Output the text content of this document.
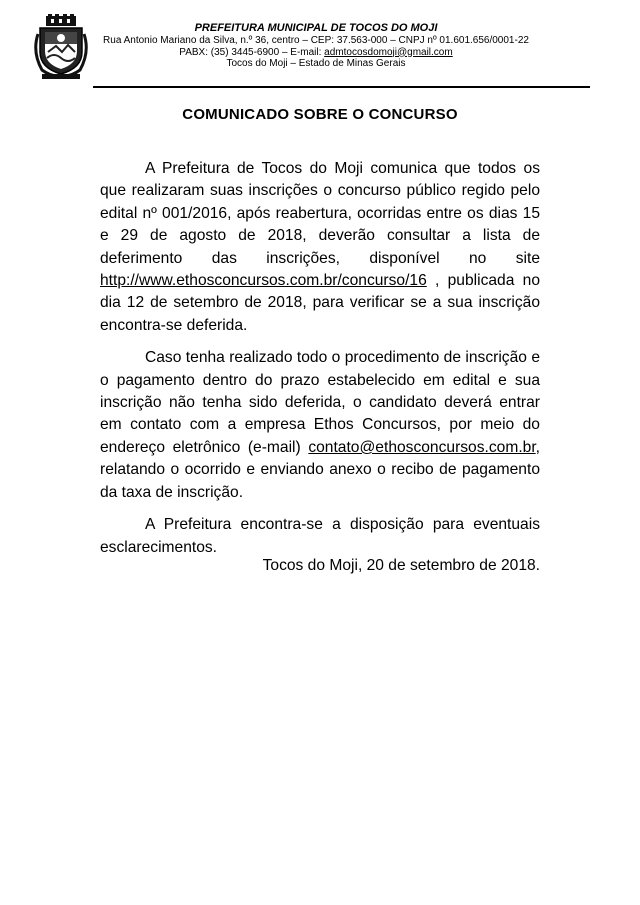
PREFEITURA MUNICIPAL DE TOCOS DO MOJI
Rua Antonio Mariano da Silva, n.º 36, centro – CEP: 37.563-000 – CNPJ nº 01.601.656/0001-22
PABX: (35) 3445-6900 – E-mail: admtocosdomoji@gmail.com
Tocos do Moji – Estado de Minas Gerais
COMUNICADO SOBRE O CONCURSO

A Prefeitura de Tocos do Moji comunica que todos os que realizaram suas inscrições o concurso público regido pelo edital nº 001/2016, após reabertura, ocorridas entre os dias 15 e 29 de agosto de 2018, deverão consultar a lista de deferimento das inscrições, disponível no site http://www.ethosconcursos.com.br/concurso/16 , publicada no dia 12 de setembro de 2018, para verificar se a sua inscrição encontra-se deferida.

Caso tenha realizado todo o procedimento de inscrição e o pagamento dentro do prazo estabelecido em edital e sua inscrição não tenha sido deferida, o candidato deverá entrar em contato com a empresa Ethos Concursos, por meio do endereço eletrônico (e-mail) contato@ethosconcursos.com.br, relatando o ocorrido e enviando anexo o recibo de pagamento da taxa de inscrição.

A Prefeitura encontra-se a disposição para eventuais esclarecimentos.

Tocos do Moji, 20 de setembro de 2018.
